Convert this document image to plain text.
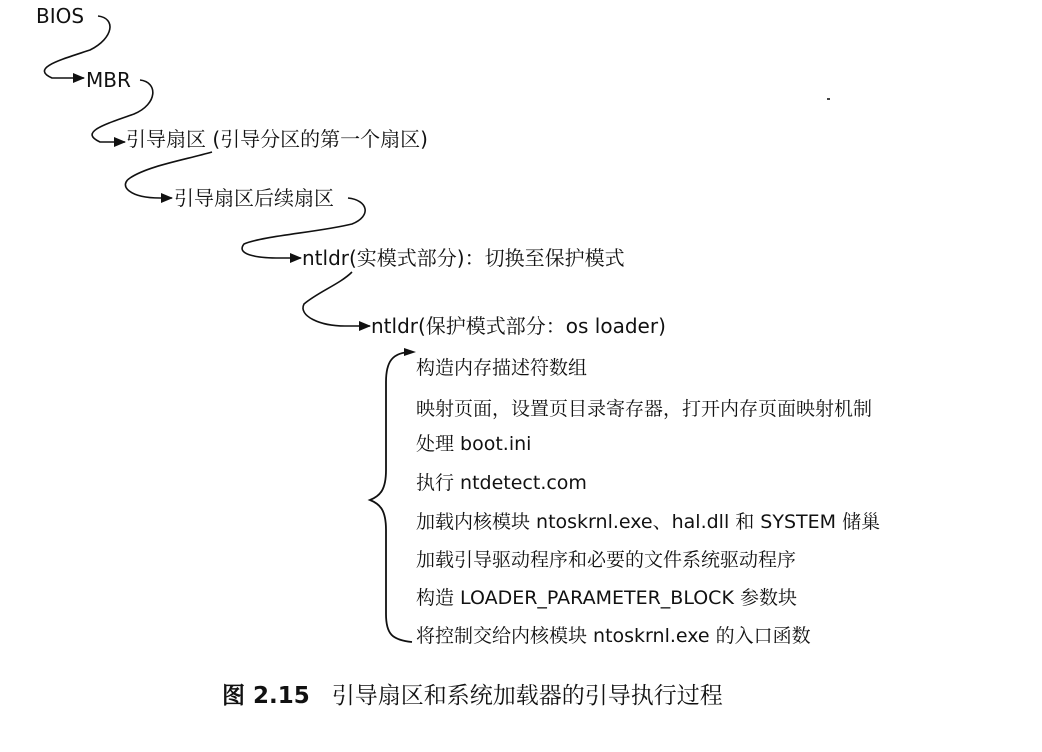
BIOS
MBR
引导扇区 (引导分区的第一个扇区)
引导扇区后续扇区
ntldr(实模式部分)：切换至保护模式
ntldr(保护模式部分：os loader)
构造内存描述符数组
映射页面，设置页目录寄存器，打开内存页面映射机制
处理 boot.ini
执行 ntdetect.com
加载内核模块 ntoskrnl.exe、hal.dll 和 SYSTEM 储巢
加载引导驱动程序和必要的文件系统驱动程序
构造 LOADER_PARAMETER_BLOCK 参数块
将控制交给内核模块 ntoskrnl.exe 的入口函数
图 2.15 引导扇区和系统加载器的引导执行过程
